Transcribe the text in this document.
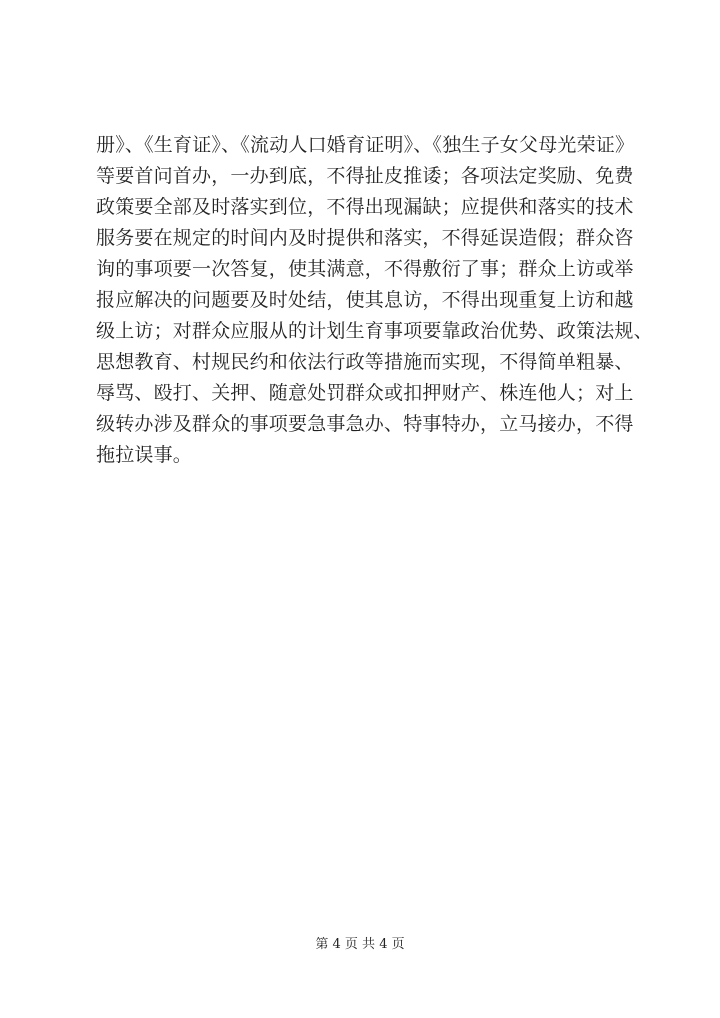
册》、《生育证》、《流动人口婚育证明》、《独生子女父母光荣证》
等要首问首办，一办到底，不得扯皮推诿；各项法定奖励、免费
政策要全部及时落实到位，不得出现漏缺；应提供和落实的技术
服务要在规定的时间内及时提供和落实，不得延误造假；群众咨
询的事项要一次答复，使其满意，不得敷衍了事；群众上访或举
报应解决的问题要及时处结，使其息访，不得出现重复上访和越
级上访；对群众应服从的计划生育事项要靠政治优势、政策法规、
思想教育、村规民约和依法行政等措施而实现，不得简单粗暴、
辱骂、殴打、关押、随意处罚群众或扣押财产、株连他人；对上
级转办涉及群众的事项要急事急办、特事特办，立马接办，不得
拖拉误事。
第 4 页 共 4 页
